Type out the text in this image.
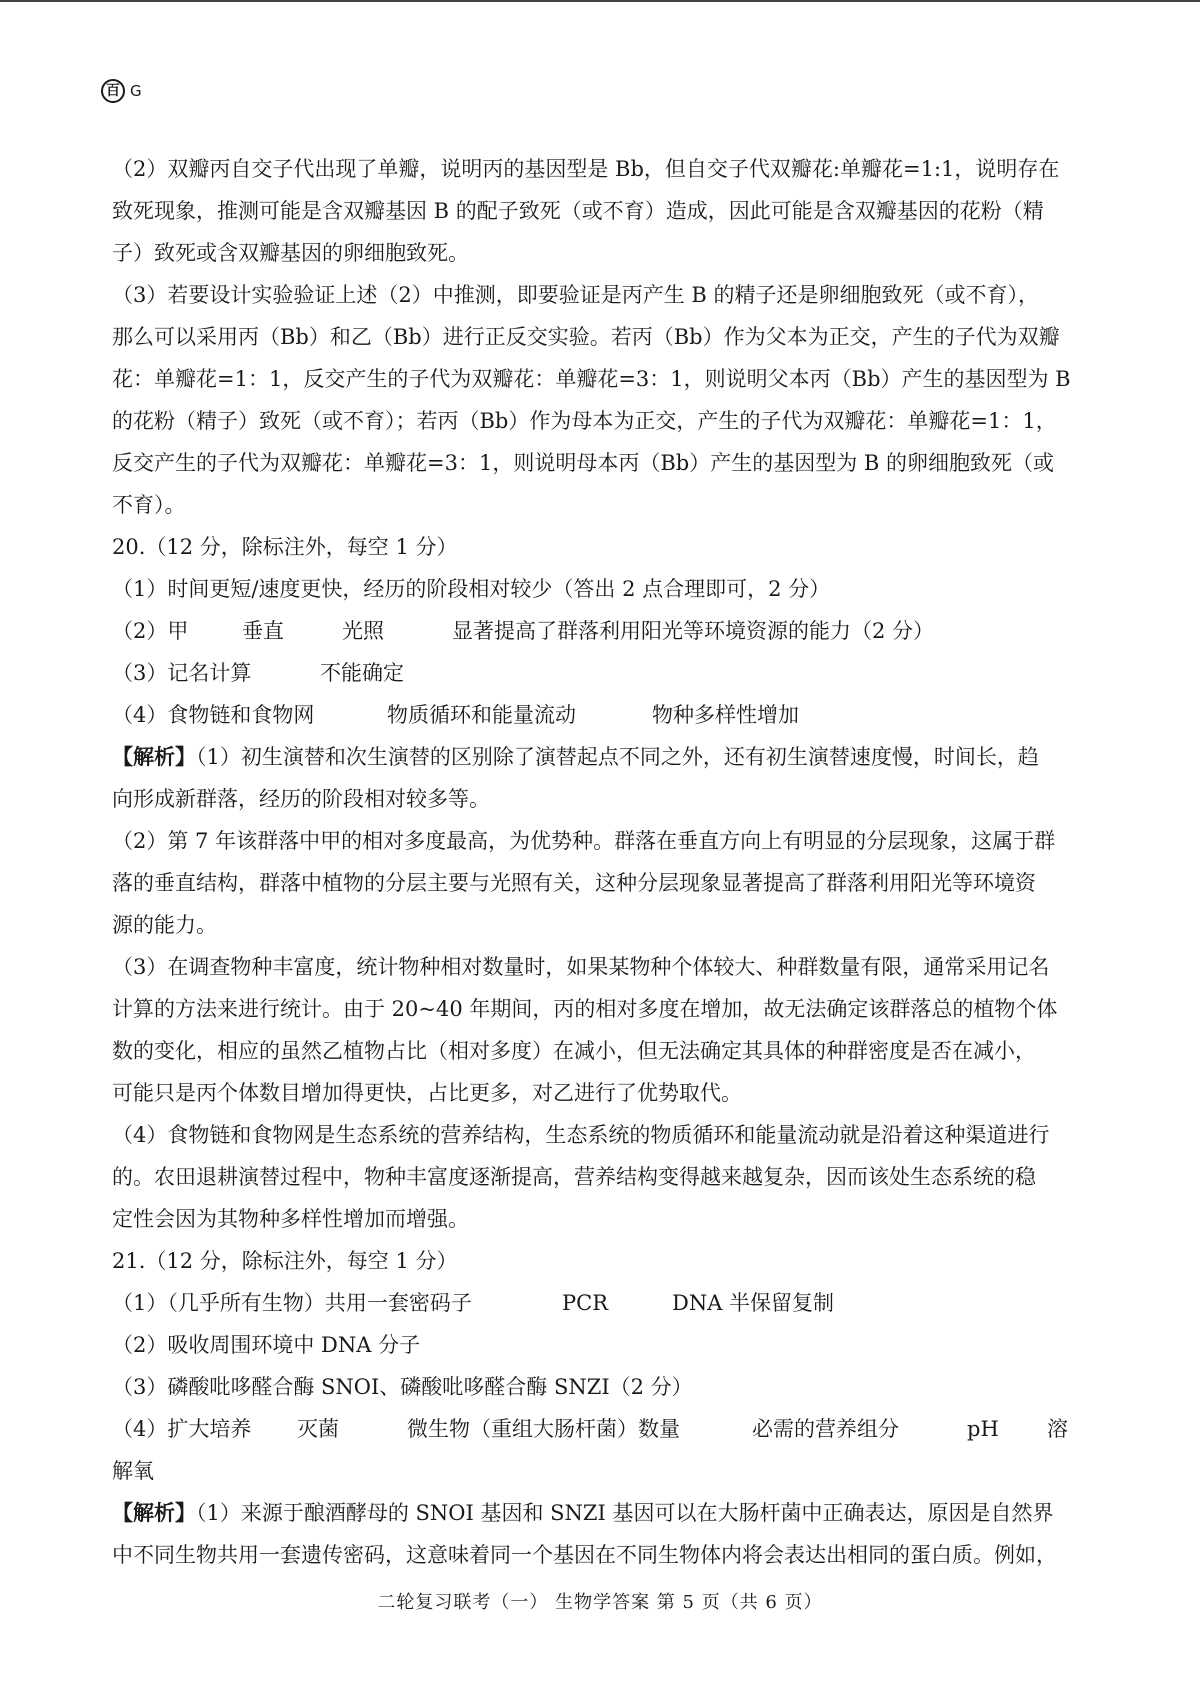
百 G
（2）双瓣丙自交子代出现了单瓣，说明丙的基因型是 Bb，但自交子代双瓣花:单瓣花=1:1，说明存在
致死现象，推测可能是含双瓣基因 B 的配子致死（或不育）造成，因此可能是含双瓣基因的花粉（精
子）致死或含双瓣基因的卵细胞致死。
（3）若要设计实验验证上述（2）中推测，即要验证是丙产生 B 的精子还是卵细胞致死（或不育），
那么可以采用丙（Bb）和乙（Bb）进行正反交实验。若丙（Bb）作为父本为正交，产生的子代为双瓣
花：单瓣花=1：1，反交产生的子代为双瓣花：单瓣花=3：1，则说明父本丙（Bb）产生的基因型为 B
的花粉（精子）致死（或不育）；若丙（Bb）作为母本为正交，产生的子代为双瓣花：单瓣花=1：1，
反交产生的子代为双瓣花：单瓣花=3：1，则说明母本丙（Bb）产生的基因型为 B 的卵细胞致死（或
不育）。
20.（12 分，除标注外，每空 1 分）
（1）时间更短/速度更快，经历的阶段相对较少（答出 2 点合理即可，2 分）
（2）甲	垂直	光照	显著提高了群落利用阳光等环境资源的能力（2 分）
（3）记名计算	不能确定
（4）食物链和食物网	物质循环和能量流动	物种多样性增加
【解析】（1）初生演替和次生演替的区别除了演替起点不同之外，还有初生演替速度慢，时间长，趋
向形成新群落，经历的阶段相对较多等。
（2）第 7 年该群落中甲的相对多度最高，为优势种。群落在垂直方向上有明显的分层现象，这属于群
落的垂直结构，群落中植物的分层主要与光照有关，这种分层现象显著提高了群落利用阳光等环境资
源的能力。
（3）在调查物种丰富度，统计物种相对数量时，如果某物种个体较大、种群数量有限，通常采用记名
计算的方法来进行统计。由于 20~40 年期间，丙的相对多度在增加，故无法确定该群落总的植物个体
数的变化，相应的虽然乙植物占比（相对多度）在减小，但无法确定其具体的种群密度是否在减小，
可能只是丙个体数目增加得更快，占比更多，对乙进行了优势取代。
（4）食物链和食物网是生态系统的营养结构，生态系统的物质循环和能量流动就是沿着这种渠道进行
的。农田退耕演替过程中，物种丰富度逐渐提高，营养结构变得越来越复杂，因而该处生态系统的稳
定性会因为其物种多样性增加而增强。
21.（12 分，除标注外，每空 1 分）
（1）（几乎所有生物）共用一套密码子	PCR	DNA 半保留复制
（2）吸收周围环境中 DNA 分子
（3）磷酸吡哆醛合酶 SNOI、磷酸吡哆醛合酶 SNZI（2 分）
（4）扩大培养	灭菌	微生物（重组大肠杆菌）数量	必需的营养组分	pH	溶
解氧
【解析】（1）来源于酿酒酵母的 SNOI 基因和 SNZI 基因可以在大肠杆菌中正确表达，原因是自然界
中不同生物共用一套遗传密码，这意味着同一个基因在不同生物体内将会表达出相同的蛋白质。例如，
二轮复习联考（一） 生物学答案 第 5 页（共 6 页）
